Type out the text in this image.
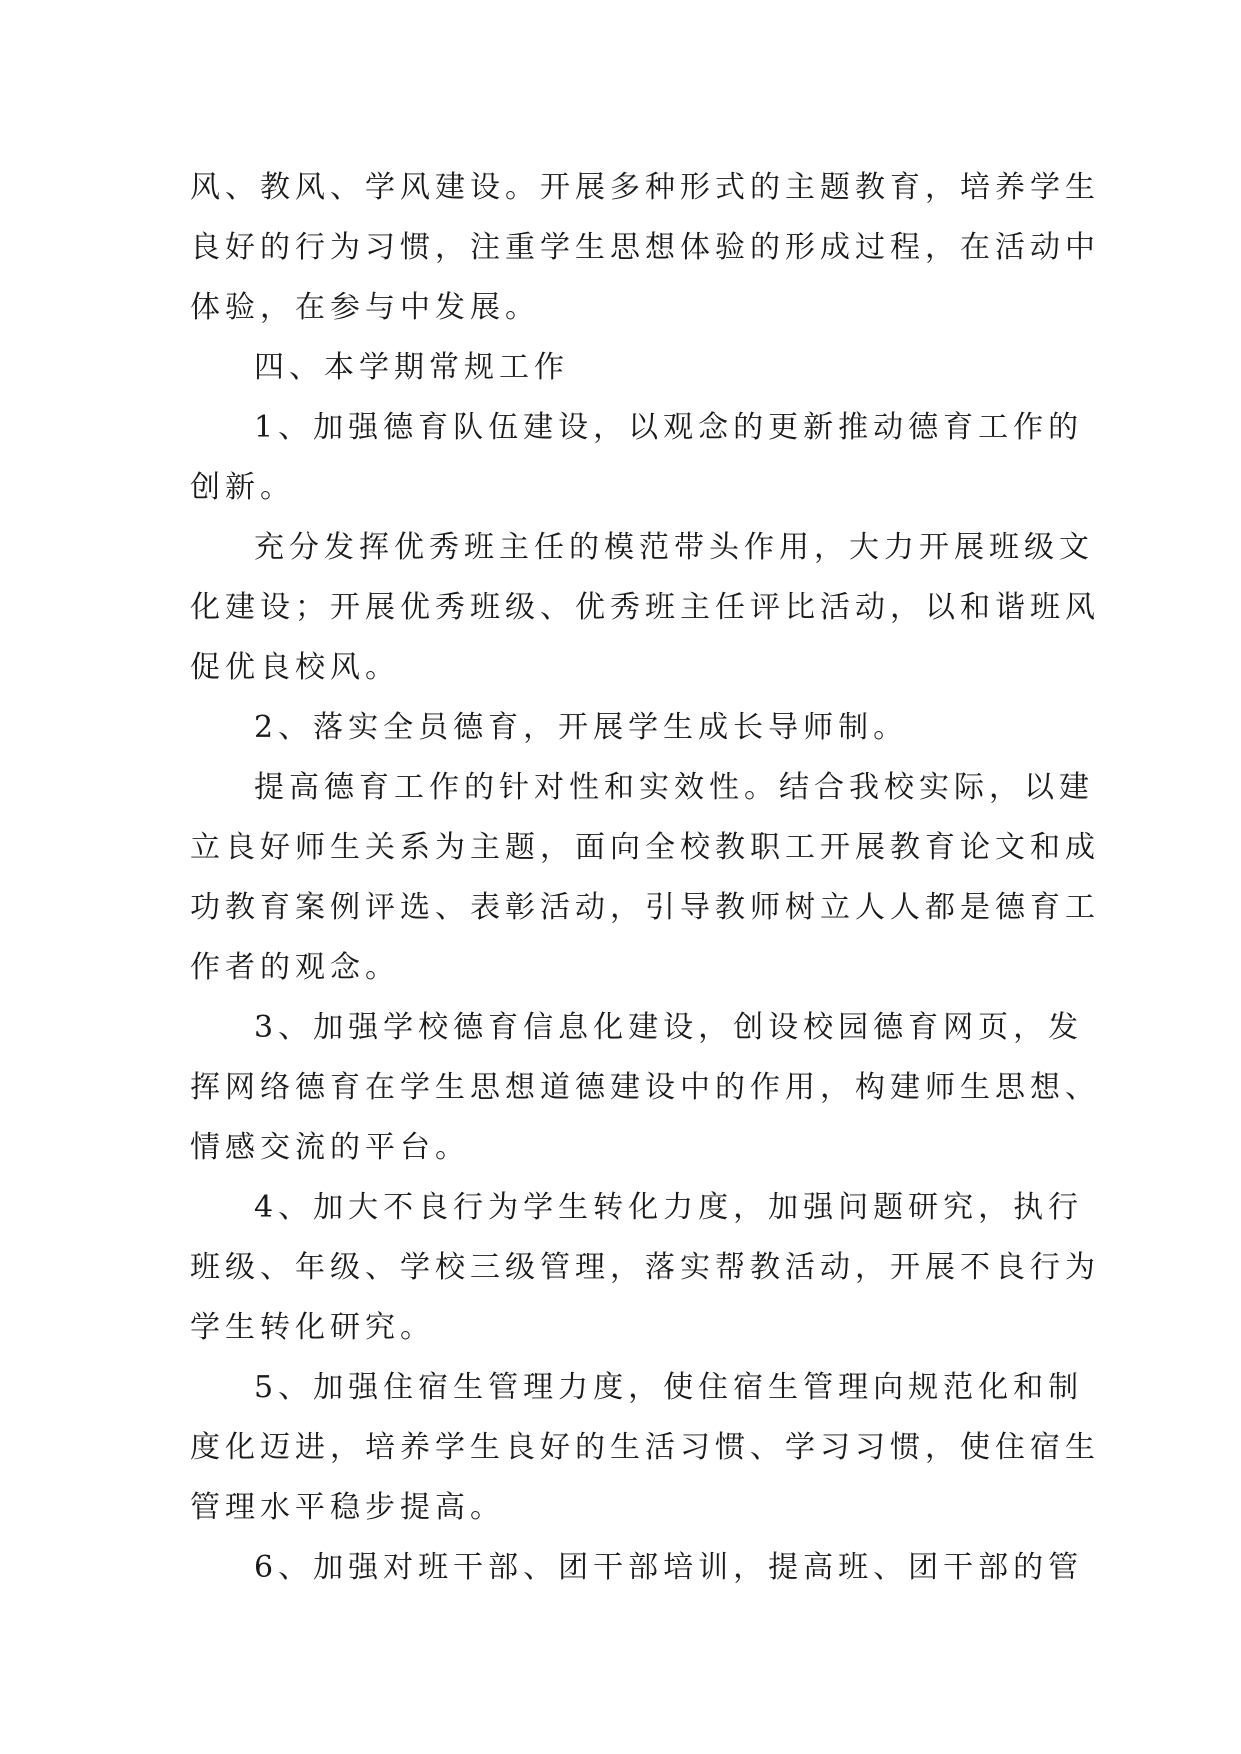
风、教风、学风建设。开展多种形式的主题教育，培养学生
良好的行为习惯，注重学生思想体验的形成过程，在活动中
体验，在参与中发展。
四、本学期常规工作
1、加强德育队伍建设，以观念的更新推动德育工作的
创新。
充分发挥优秀班主任的模范带头作用，大力开展班级文
化建设；开展优秀班级、优秀班主任评比活动，以和谐班风
促优良校风。
2、落实全员德育，开展学生成长导师制。
提高德育工作的针对性和实效性。结合我校实际，以建
立良好师生关系为主题，面向全校教职工开展教育论文和成
功教育案例评选、表彰活动，引导教师树立人人都是德育工
作者的观念。
3、加强学校德育信息化建设，创设校园德育网页，发
挥网络德育在学生思想道德建设中的作用，构建师生思想、
情感交流的平台。
4、加大不良行为学生转化力度，加强问题研究，执行
班级、年级、学校三级管理，落实帮教活动，开展不良行为
学生转化研究。
5、加强住宿生管理力度，使住宿生管理向规范化和制
度化迈进，培养学生良好的生活习惯、学习习惯，使住宿生
管理水平稳步提高。
6、加强对班干部、团干部培训，提高班、团干部的管
